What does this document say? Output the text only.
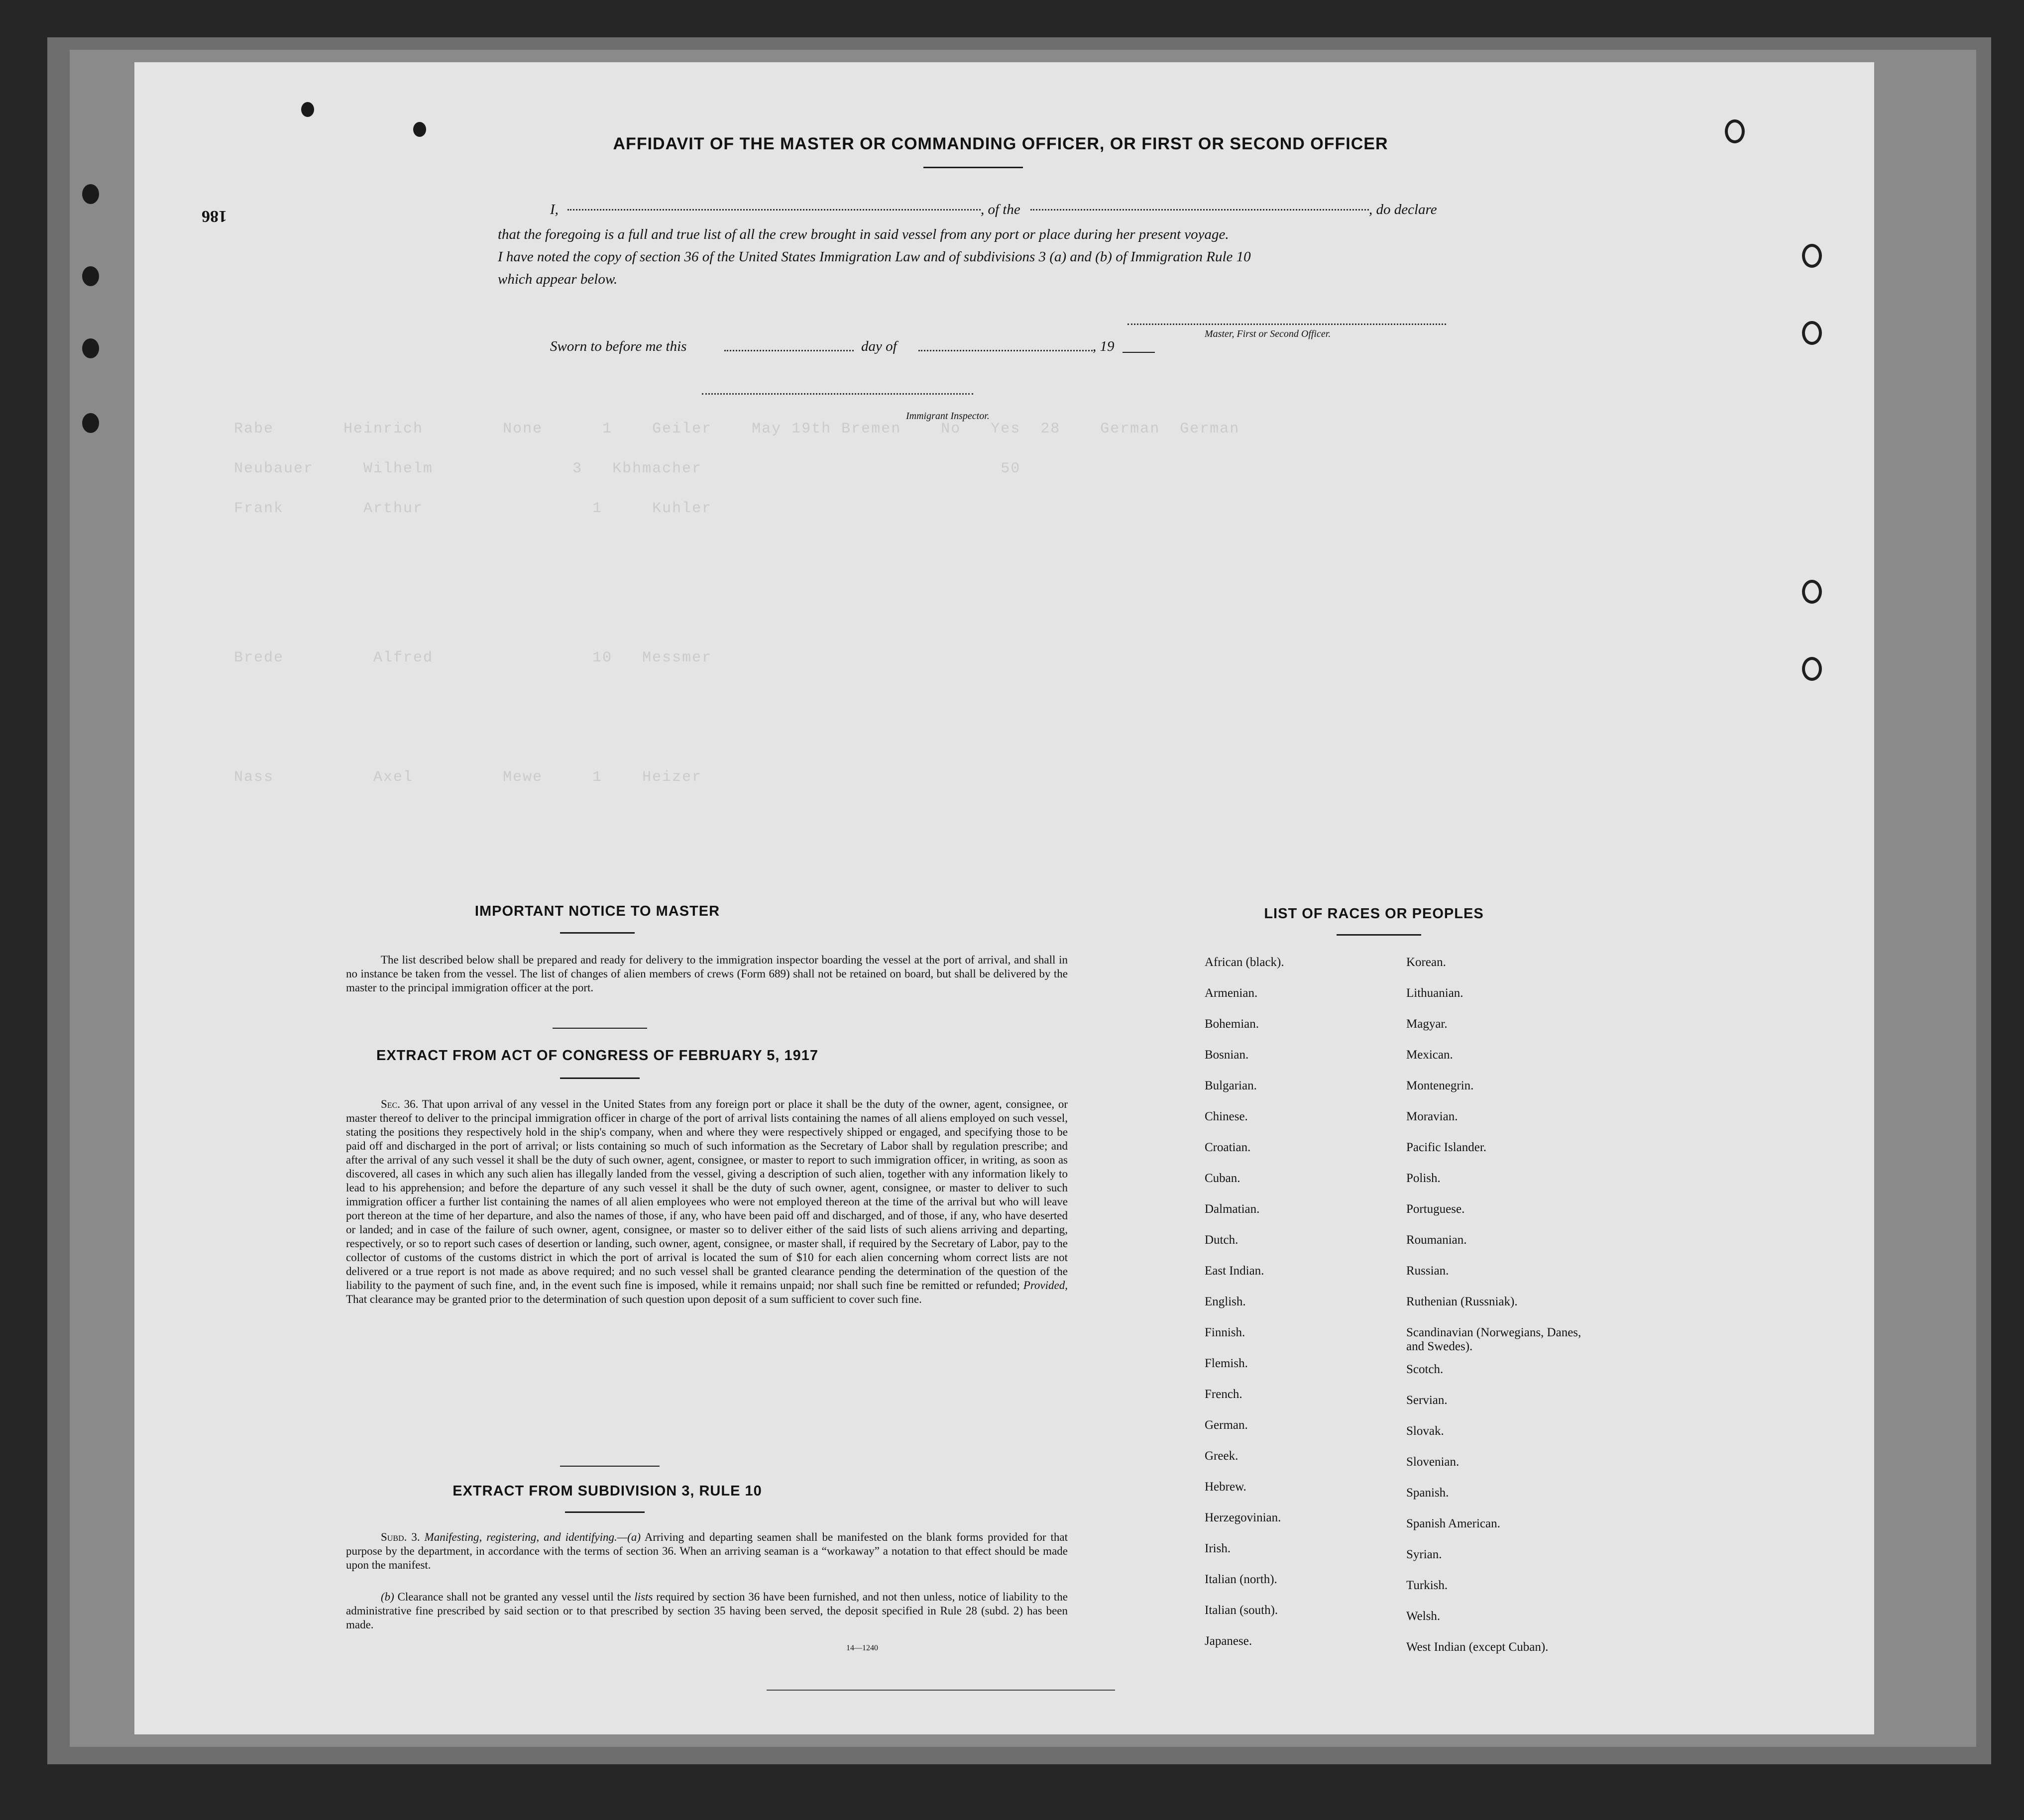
Rabe       Heinrich        None      1    Geiler    May 19th Bremen    No   Yes  28    German  German
Neubauer     Wilhelm              3   Kbhmacher                              50
Frank        Arthur                 1     Kuhler
Brede         Alfred                10   Messmer
Nass          Axel         Mewe     1    Heizer
186
AFFIDAVIT OF THE MASTER OR COMMANDING OFFICER, OR FIRST OR SECOND OFFICER
I,	, of the	, do declare
that the foregoing is a full and true list of all the crew brought in said vessel from any port or place during her present voyage.
I have noted the copy of section 36 of the United States Immigration Law and of subdivisions 3 (a) and (b) of Immigration Rule 10
which appear below.
Master, First or Second Officer.
Sworn to before me this	day of	, 19
Immigrant Inspector.
IMPORTANT NOTICE TO MASTER
The list described below shall be prepared and ready for delivery to the immigration inspector boarding the vessel at the port of arrival, and shall in no instance be taken from the vessel. The list of changes of alien members of crews (Form 689) shall not be retained on board, but shall be delivered by the master to the principal immigration officer at the port.
EXTRACT FROM ACT OF CONGRESS OF FEBRUARY 5, 1917
Sec. 36. That upon arrival of any vessel in the United States from any foreign port or place it shall be the duty of the owner, agent, consignee, or master thereof to deliver to the principal immigration officer in charge of the port of arrival lists containing the names of all aliens employed on such vessel, stating the positions they respectively hold in the ship's company, when and where they were respectively shipped or engaged, and specifying those to be paid off and discharged in the port of arrival; or lists containing so much of such information as the Secretary of Labor shall by regulation prescribe; and after the arrival of any such vessel it shall be the duty of such owner, agent, consignee, or master to report to such immigration officer, in writing, as soon as discovered, all cases in which any such alien has illegally landed from the vessel, giving a description of such alien, together with any information likely to lead to his apprehension; and before the departure of any such vessel it shall be the duty of such owner, agent, consignee, or master to deliver to such immigration officer a further list containing the names of all alien employees who were not employed thereon at the time of the arrival but who will leave port thereon at the time of her departure, and also the names of those, if any, who have been paid off and discharged, and of those, if any, who have deserted or landed; and in case of the failure of such owner, agent, consignee, or master so to deliver either of the said lists of such aliens arriving and departing, respectively, or so to report such cases of desertion or landing, such owner, agent, consignee, or master shall, if required by the Secretary of Labor, pay to the collector of customs of the customs district in which the port of arrival is located the sum of $10 for each alien concerning whom correct lists are not delivered or a true report is not made as above required; and no such vessel shall be granted clearance pending the determination of the question of the liability to the payment of such fine, and, in the event such fine is imposed, while it remains unpaid; nor shall such fine be remitted or refunded; Provided, That clearance may be granted prior to the determination of such question upon deposit of a sum sufficient to cover such fine.
EXTRACT FROM SUBDIVISION 3, RULE 10
Subd. 3. Manifesting, registering, and identifying.—(a) Arriving and departing seamen shall be manifested on the blank forms provided for that purpose by the department, in accordance with the terms of section 36. When an arriving seaman is a “workaway” a notation to that effect should be made upon the manifest.
(b) Clearance shall not be granted any vessel until the lists required by section 36 have been furnished, and not then unless, notice of liability to the administrative fine prescribed by said section or to that prescribed by section 35 having been served, the deposit specified in Rule 28 (subd. 2) has been made.
14—1240
LIST OF RACES OR PEOPLES
African (black).
Armenian.
Bohemian.
Bosnian.
Bulgarian.
Chinese.
Croatian.
Cuban.
Dalmatian.
Dutch.
East Indian.
English.
Finnish.
Flemish.
French.
German.
Greek.
Hebrew.
Herzegovinian.
Irish.
Italian (north).
Italian (south).
Japanese.
Korean.
Lithuanian.
Magyar.
Mexican.
Montenegrin.
Moravian.
Pacific Islander.
Polish.
Portuguese.
Roumanian.
Russian.
Ruthenian (Russniak).
Scandinavian (Norwegians, Danes, and Swedes).
Scotch.
Servian.
Slovak.
Slovenian.
Spanish.
Spanish American.
Syrian.
Turkish.
Welsh.
West Indian (except Cuban).
